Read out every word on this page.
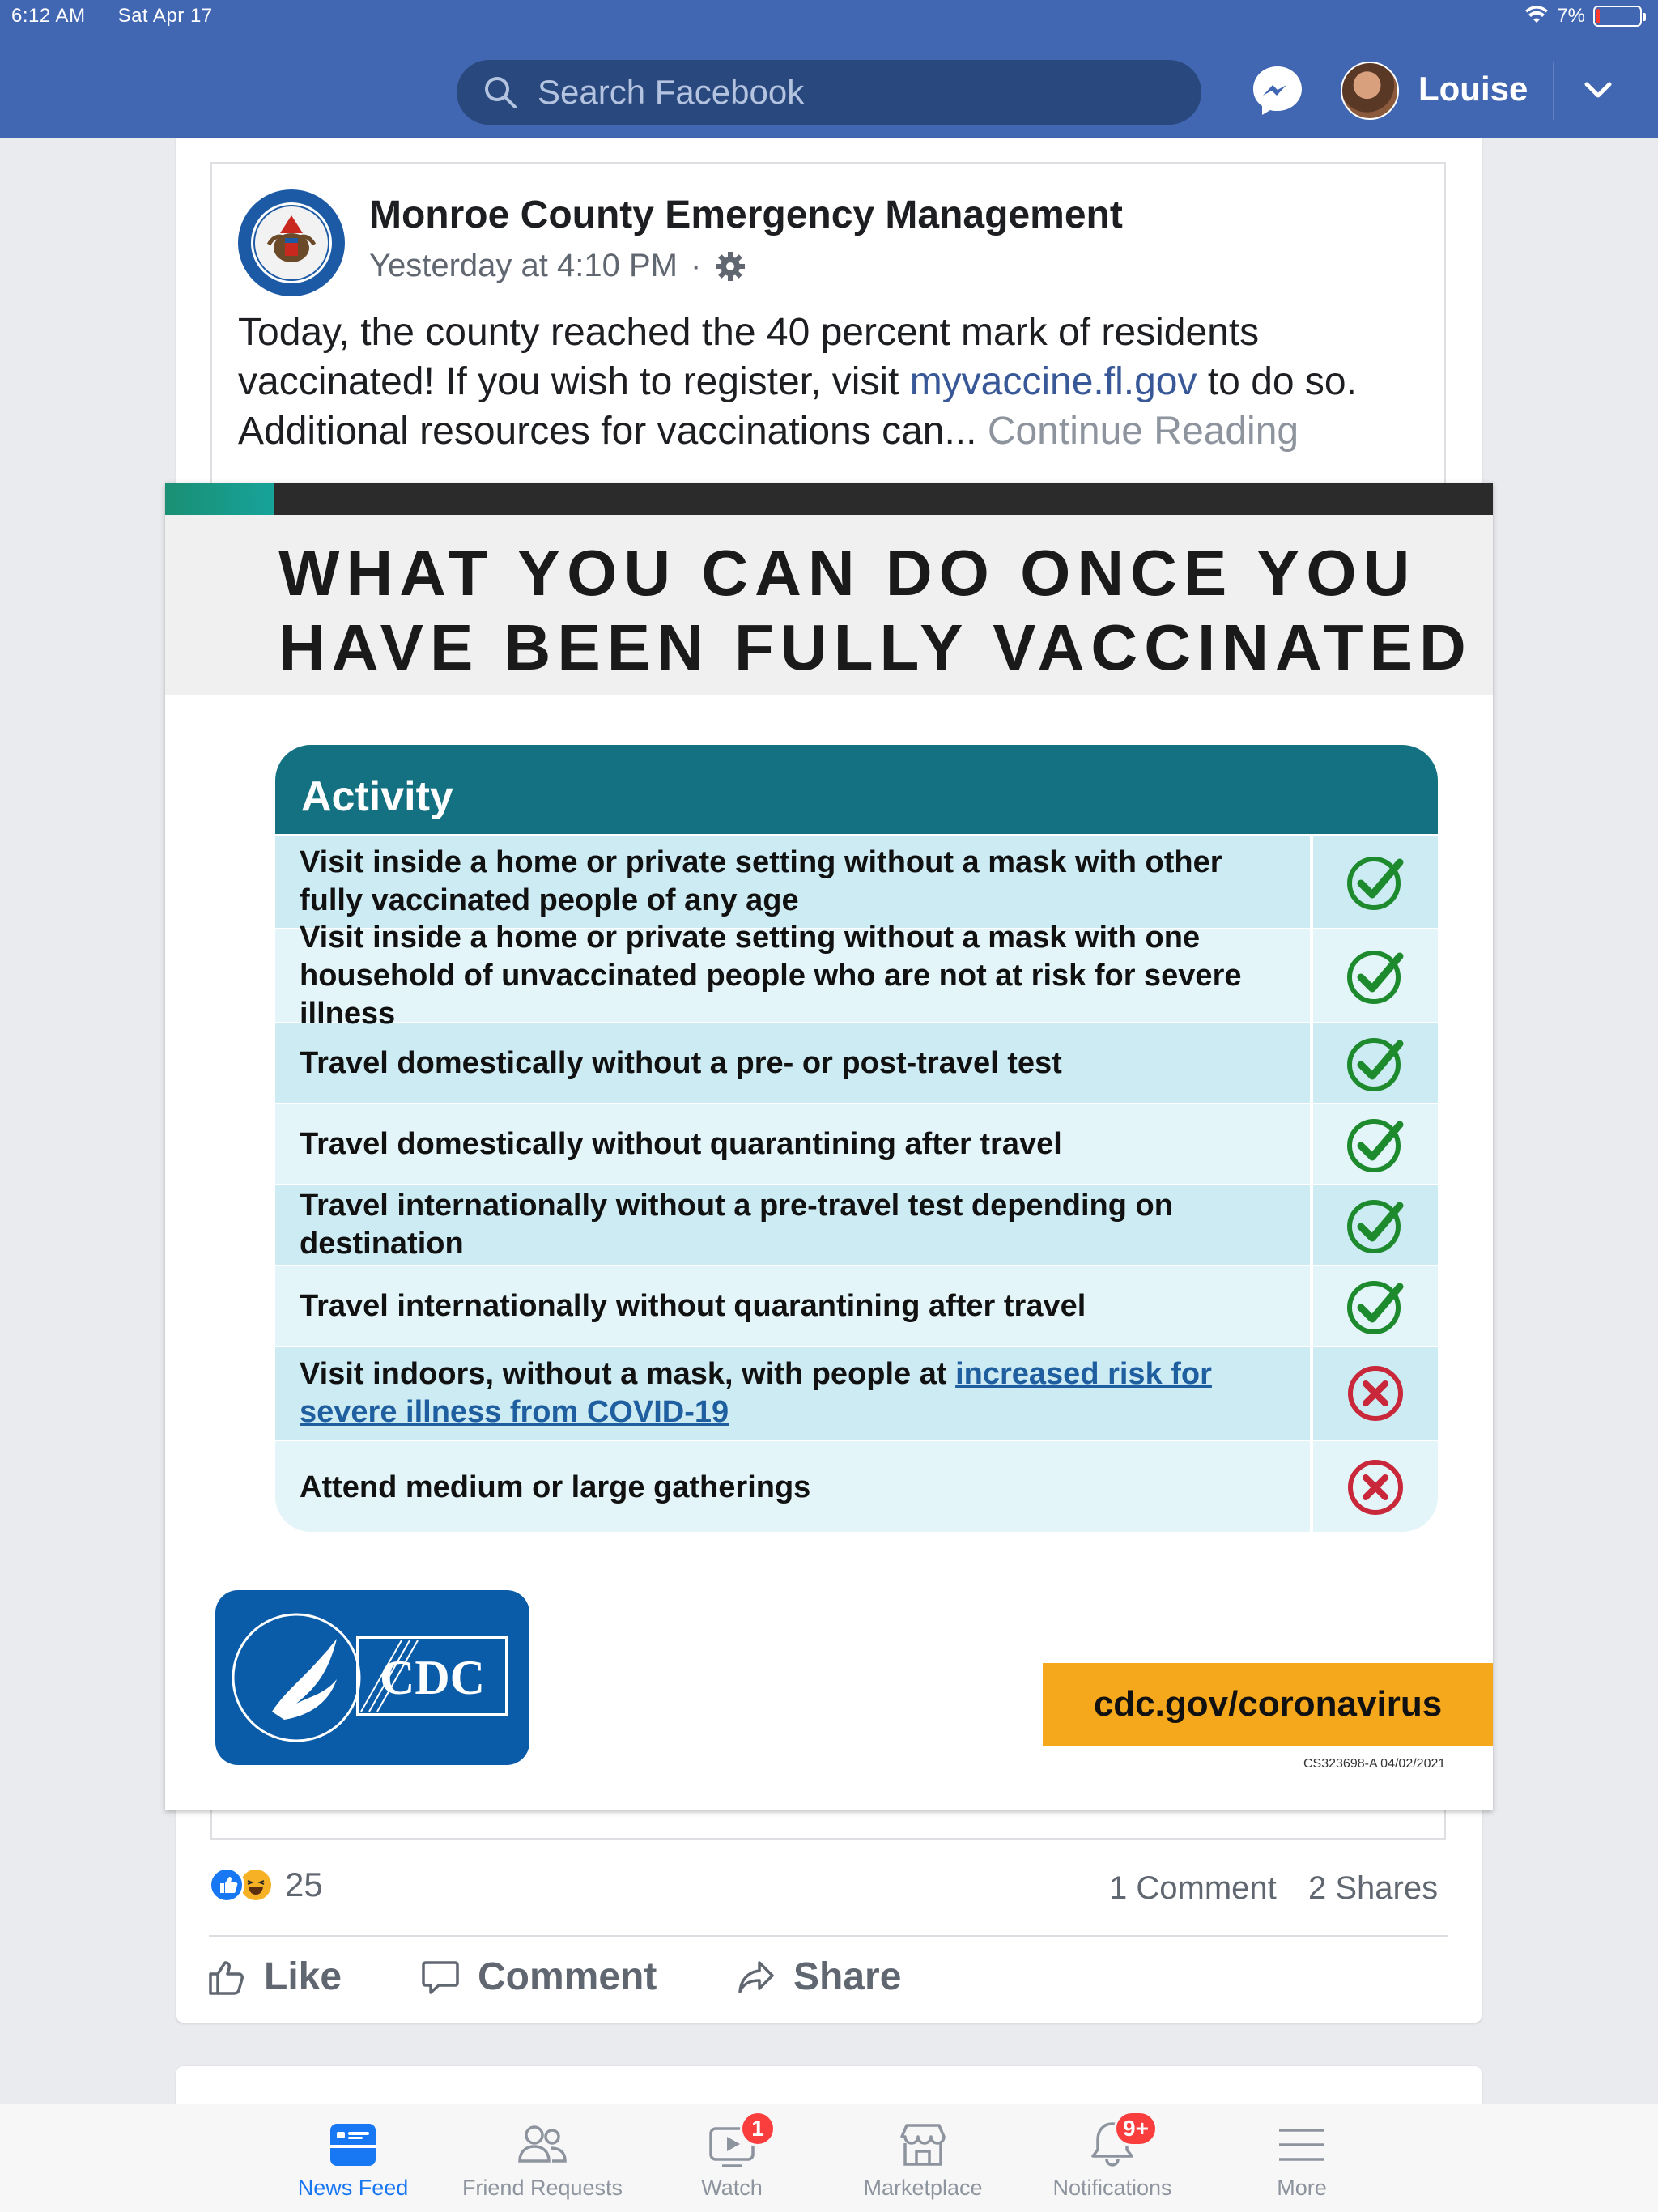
6:12 AM Sat Apr 17	7%
Search Facebook
Louise
Monroe County Emergency Management
Yesterday at 4:10 PM ·
Today, the county reached the 40 percent mark of residents vaccinated! If you wish to register, visit myvaccine.fl.gov to do so. Additional resources for vaccinations can... Continue Reading
WHAT YOU CAN DO ONCE YOU
HAVE BEEN FULLY VACCINATED
Activity
Visit inside a home or private setting without a mask with other fully vaccinated people of any age
Visit inside a home or private setting without a mask with one household of unvaccinated people who are not at risk for severe illness
Travel domestically without a pre- or post-travel test
Travel domestically without quarantining after travel
Travel internationally without a pre-travel test depending on destination
Travel internationally without quarantining after travel
Visit indoors, without a mask, with people at increased risk for severe illness from COVID-19
Attend medium or large gatherings
CDC	cdc.gov/coronavirus
CS323698-A 04/02/2021
25	1 Comment 2 Shares
Like	Comment	Share
News Feed	Friend Requests
1
Watch	Marketplace
9+
Notifications	More
